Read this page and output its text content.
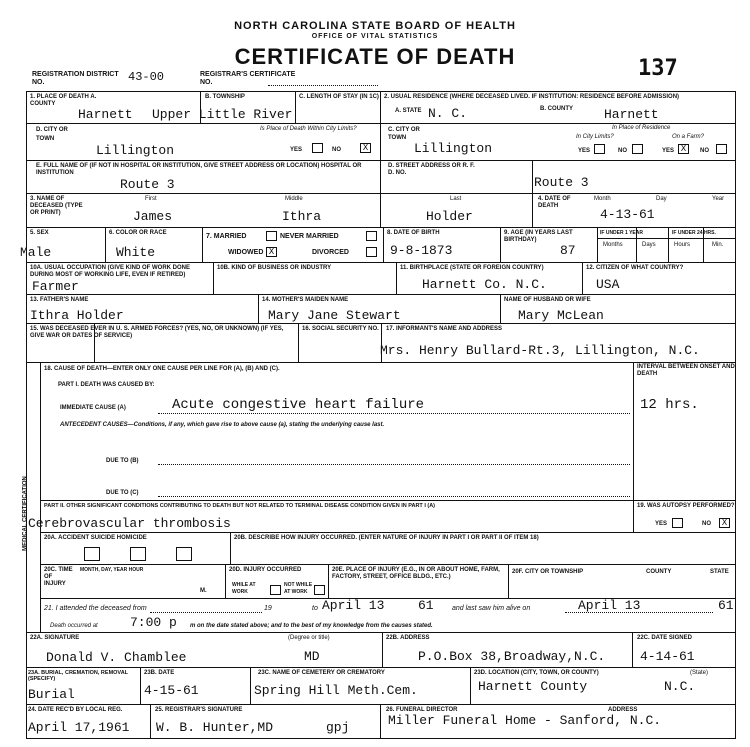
NORTH CAROLINA STATE BOARD OF HEALTH
OFFICE OF VITAL STATISTICS
CERTIFICATE OF DEATH
REGISTRATION DISTRICT NO.	43-00	REGISTRAR'S CERTIFICATE NO.
137
1. PLACE OF DEATH A. COUNTY
Harnett
B. TOWNSHIP
Upper Little River
C. LENGTH OF STAY (IN 1C) 2. USUAL RESIDENCE (WHERE DECEASED LIVED. IF INSTITUTION: RESIDENCE BEFORE ADMISSION)
A. STATE N. C.	B. COUNTY Harnett
D. CITY OR TOWN
Lillington
Is Place of Death Within City Limits?
YES	NO	X
C. CITY OR TOWN
Lillington
In Place of Residence
In City Limits?	On a Farm?
YES	NO	YES X	NO
E. FULL NAME OF (IF NOT IN HOSPITAL OR INSTITUTION, GIVE STREET ADDRESS OR LOCATION) HOSPITAL OR INSTITUTION
Route 3
D. STREET ADDRESS OR R. F. D. NO.
Route 3
3. NAME OF DECEASED (TYPE OR PRINT)
First	Middle	Last
James	Ithra	Holder
4. DATE OF DEATH
Month	Day	Year
4-13-61
5. SEX
Male
6. COLOR OR RACE
White
7. MARRIED	NEVER MARRIED
WIDOWED X	DIVORCED
8. DATE OF BIRTH
9-8-1873
9. AGE (IN YEARS LAST BIRTHDAY)
87
IF UNDER 1 YEAR	IF UNDER 24 HRS.
Months	Days	Hours	Min.
10A. USUAL OCCUPATION (GIVE KIND OF WORK DONE DURING MOST OF WORKING LIFE, EVEN IF RETIRED)
Farmer
10B. KIND OF BUSINESS OR INDUSTRY	11. BIRTHPLACE (STATE OR FOREIGN COUNTRY)
Harnett Co. N.C.
12. CITIZEN OF WHAT COUNTRY?
USA
13. FATHER'S NAME
Ithra Holder
14. MOTHER'S MAIDEN NAME
Mary Jane Stewart
NAME OF HUSBAND OR WIFE
Mary McLean
15. WAS DECEASED EVER IN U. S. ARMED FORCES? (YES, NO, OR UNKNOWN) (IF YES, GIVE WAR OR DATES OF SERVICE)
16. SOCIAL SECURITY NO. 17. INFORMANT'S NAME AND ADDRESS
Mrs. Henry Bullard-Rt.3, Lillington, N.C.
MEDICAL CERTIFICATION
18. CAUSE OF DEATH—ENTER ONLY ONE CAUSE PER LINE FOR (A), (B) AND (C).	INTERVAL BETWEEN ONSET AND DEATH
PART I. DEATH WAS CAUSED BY:
IMMEDIATE CAUSE (A)	Acute congestive heart failure	12 hrs.
ANTECEDENT CAUSES—Conditions, if any, which gave rise to above cause (a), stating the underlying cause last.
DUE TO (B)
DUE TO (C)
PART II. OTHER SIGNIFICANT CONDITIONS CONTRIBUTING TO DEATH BUT NOT RELATED TO TERMINAL DISEASE CONDITION GIVEN IN PART I (A)
Cerebrovascular thrombosis
19. WAS AUTOPSY PERFORMED?
YES	NO	X
20A. ACCIDENT SUICIDE HOMICIDE	20B. DESCRIBE HOW INJURY OCCURRED. (ENTER NATURE OF INJURY IN PART I OR PART II OF ITEM 18)
20C. TIME OF INJURY
MONTH, DAY, YEAR HOUR
M.
20D. INJURY OCCURRED
WHILE AT WORK
NOT WHILE AT WORK
20E. PLACE OF INJURY (E.G., IN OR ABOUT HOME, FARM, FACTORY, STREET, OFFICE BLDG., ETC.)
20F. CITY OR TOWNSHIP	COUNTY	STATE
21. I attended the deceased from	19	to April 13	61	and last saw him alive on	April 13	61
Death occurred at 7:00 p m on the date stated above; and to the best of my knowledge from the causes stated.
22A. SIGNATURE	(Degree or title)
Donald V. Chamblee	MD
22B. ADDRESS
P.O.Box 38,Broadway,N.C.
22C. DATE SIGNED
4-14-61
23A. BURIAL, CREMATION, REMOVAL (SPECIFY)
Burial
23B. DATE
4-15-61
23C. NAME OF CEMETERY OR CREMATORY
Spring Hill Meth.Cem.
23D. LOCATION (CITY, TOWN, OR COUNTY)	(State)
Harnett County	N.C.
24. DATE REC'D BY LOCAL REG.
April 17,1961
25. REGISTRAR'S SIGNATURE
W. B. Hunter,MD	gpj
26. FUNERAL DIRECTOR	ADDRESS
Miller Funeral Home - Sanford, N.C.
